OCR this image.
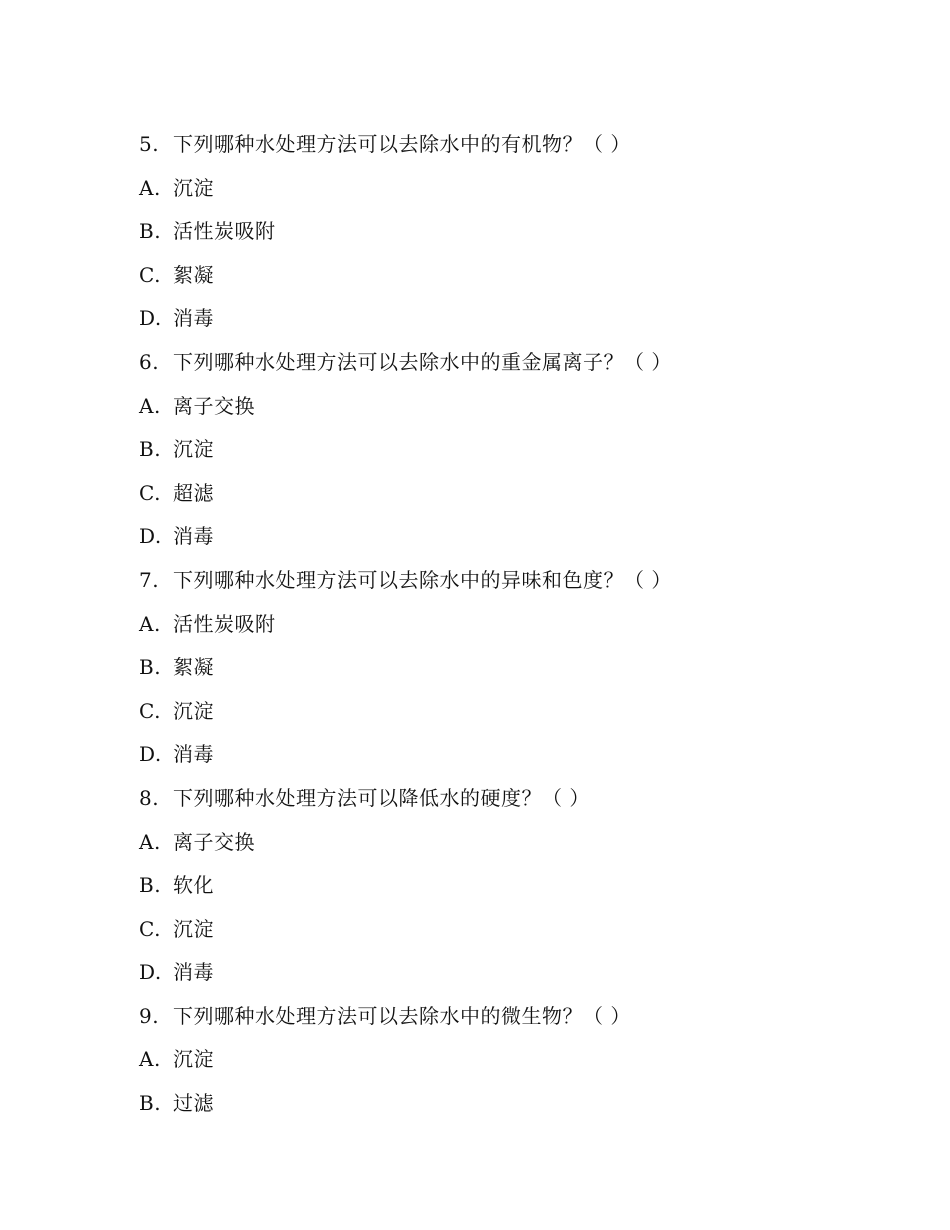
5. 下列哪种水处理方法可以去除水中的有机物？（ ）
A. 沉淀
B. 活性炭吸附
C. 絮凝
D. 消毒
6. 下列哪种水处理方法可以去除水中的重金属离子？（ ）
A. 离子交换
B. 沉淀
C. 超滤
D. 消毒
7. 下列哪种水处理方法可以去除水中的异味和色度？（ ）
A. 活性炭吸附
B. 絮凝
C. 沉淀
D. 消毒
8. 下列哪种水处理方法可以降低水的硬度？（ ）
A. 离子交换
B. 软化
C. 沉淀
D. 消毒
9. 下列哪种水处理方法可以去除水中的微生物？（ ）
A. 沉淀
B. 过滤
